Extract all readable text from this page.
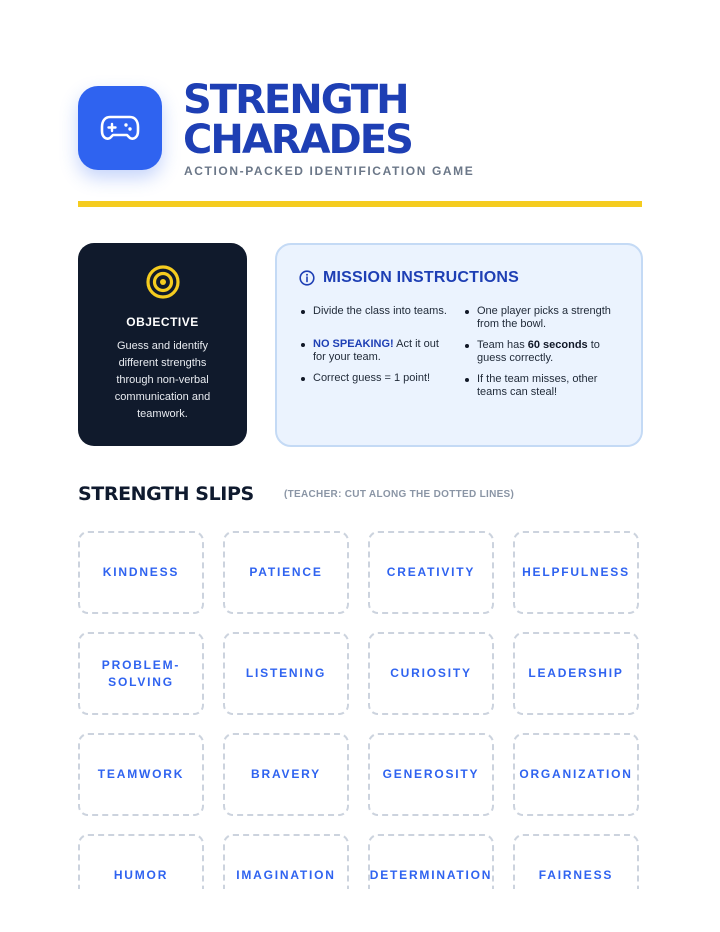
STRENGTH
CHARADES
ACTION-PACKED IDENTIFICATION GAME
OBJECTIVE
Guess and identify different strengths through non-verbal communication and teamwork.
MISSION INSTRUCTIONS
Divide the class into teams.
NO SPEAKING! Act it out for your team.
Correct guess = 1 point!
One player picks a strength from the bowl.
Team has 60 seconds to guess correctly.
If the team misses, other teams can steal!
STRENGTH SLIPS	(TEACHER: CUT ALONG THE DOTTED LINES)
KINDNESS	PATIENCE	CREATIVITY	HELPFULNESS
PROBLEM-SOLVING
LISTENING	CURIOSITY	LEADERSHIP
TEAMWORK	BRAVERY	GENEROSITY	ORGANIZATION
HUMOR	IMAGINATION	DETERMINATION	FAIRNESS
